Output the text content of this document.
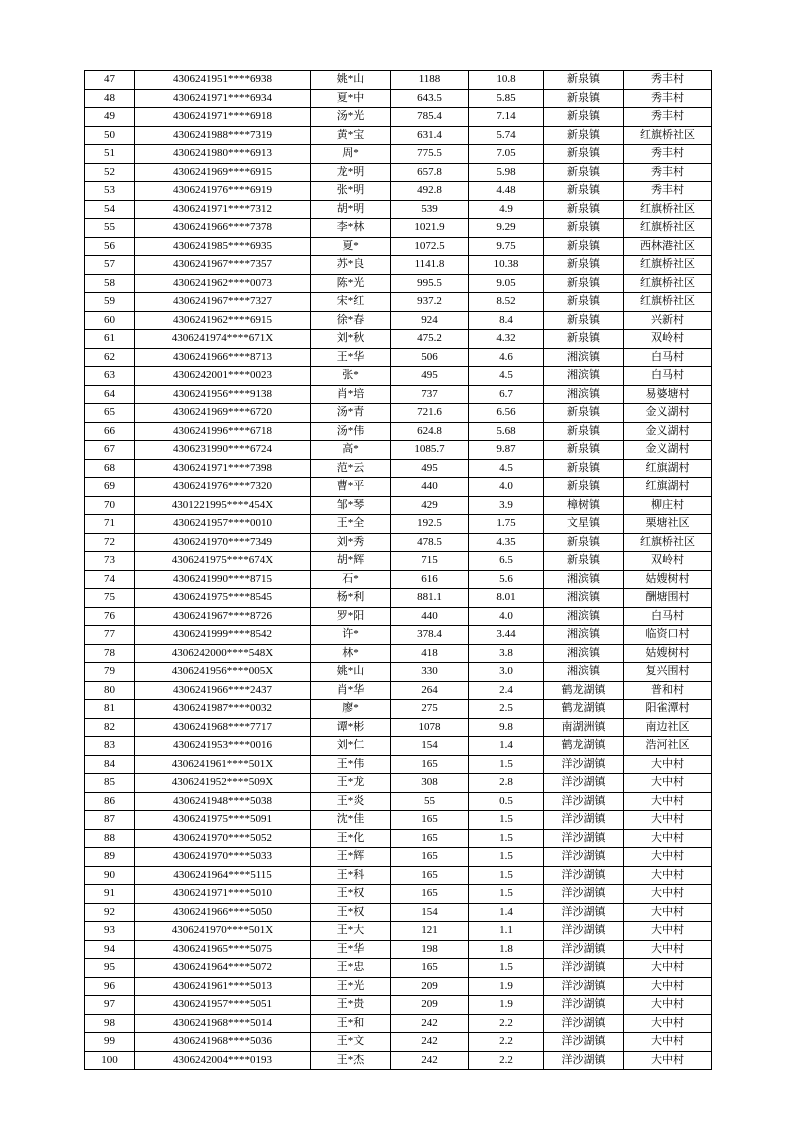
47	4306241951****6938	姚*山	1188	10.8	新泉镇	秀丰村
48	4306241971****6934	夏*中	643.5	5.85	新泉镇	秀丰村
49	4306241971****6918	汤*光	785.4	7.14	新泉镇	秀丰村
50	4306241988****7319	黄*宝	631.4	5.74	新泉镇	红旗桥社区
51	4306241980****6913	周*	775.5	7.05	新泉镇	秀丰村
52	4306241969****6915	龙*明	657.8	5.98	新泉镇	秀丰村
53	4306241976****6919	张*明	492.8	4.48	新泉镇	秀丰村
54	4306241971****7312	胡*明	539	4.9	新泉镇	红旗桥社区
55	4306241966****7378	李*林	1021.9	9.29	新泉镇	红旗桥社区
56	4306241985****6935	夏*	1072.5	9.75	新泉镇	西林港社区
57	4306241967****7357	苏*良	1141.8	10.38	新泉镇	红旗桥社区
58	4306241962****0073	陈*光	995.5	9.05	新泉镇	红旗桥社区
59	4306241967****7327	宋*红	937.2	8.52	新泉镇	红旗桥社区
60	4306241962****6915	徐*春	924	8.4	新泉镇	兴新村
61	4306241974****671X	刘*秋	475.2	4.32	新泉镇	双岭村
62	4306241966****8713	王*华	506	4.6	湘滨镇	白马村
63	4306242001****0023	张*	495	4.5	湘滨镇	白马村
64	4306241956****9138	肖*培	737	6.7	湘滨镇	易婆塘村
65	4306241969****6720	汤*青	721.6	6.56	新泉镇	金义湖村
66	4306241996****6718	汤*伟	624.8	5.68	新泉镇	金义湖村
67	4306231990****6724	高*	1085.7	9.87	新泉镇	金义湖村
68	4306241971****7398	范*云	495	4.5	新泉镇	红旗湖村
69	4306241976****7320	曹*平	440	4.0	新泉镇	红旗湖村
70	4301221995****454X	邹*琴	429	3.9	樟树镇	柳庄村
71	4306241957****0010	王*全	192.5	1.75	文星镇	栗塘社区
72	4306241970****7349	刘*秀	478.5	4.35	新泉镇	红旗桥社区
73	4306241975****674X	胡*辉	715	6.5	新泉镇	双岭村
74	4306241990****8715	石*	616	5.6	湘滨镇	姑嫂树村
75	4306241975****8545	杨*利	881.1	8.01	湘滨镇	酬塘围村
76	4306241967****8726	罗*阳	440	4.0	湘滨镇	白马村
77	4306241999****8542	许*	378.4	3.44	湘滨镇	临资口村
78	4306242000****548X	林*	418	3.8	湘滨镇	姑嫂树村
79	4306241956****005X	姚*山	330	3.0	湘滨镇	复兴围村
80	4306241966****2437	肖*华	264	2.4	鹤龙湖镇	普和村
81	4306241987****0032	廖*	275	2.5	鹤龙湖镇	阳雀潭村
82	4306241968****7717	谭*彬	1078	9.8	南湖洲镇	南边社区
83	4306241953****0016	刘*仁	154	1.4	鹤龙湖镇	浩河社区
84	4306241961****501X	王*伟	165	1.5	洋沙湖镇	大中村
85	4306241952****509X	王*龙	308	2.8	洋沙湖镇	大中村
86	4306241948****5038	王*炎	55	0.5	洋沙湖镇	大中村
87	4306241975****5091	沈*佳	165	1.5	洋沙湖镇	大中村
88	4306241970****5052	王*化	165	1.5	洋沙湖镇	大中村
89	4306241970****5033	王*辉	165	1.5	洋沙湖镇	大中村
90	4306241964****5115	王*科	165	1.5	洋沙湖镇	大中村
91	4306241971****5010	王*权	165	1.5	洋沙湖镇	大中村
92	4306241966****5050	王*权	154	1.4	洋沙湖镇	大中村
93	4306241970****501X	王*大	121	1.1	洋沙湖镇	大中村
94	4306241965****5075	王*华	198	1.8	洋沙湖镇	大中村
95	4306241964****5072	王*忠	165	1.5	洋沙湖镇	大中村
96	4306241961****5013	王*光	209	1.9	洋沙湖镇	大中村
97	4306241957****5051	王*贵	209	1.9	洋沙湖镇	大中村
98	4306241968****5014	王*和	242	2.2	洋沙湖镇	大中村
99	4306241968****5036	王*文	242	2.2	洋沙湖镇	大中村
100	4306242004****0193	王*杰	242	2.2	洋沙湖镇	大中村
